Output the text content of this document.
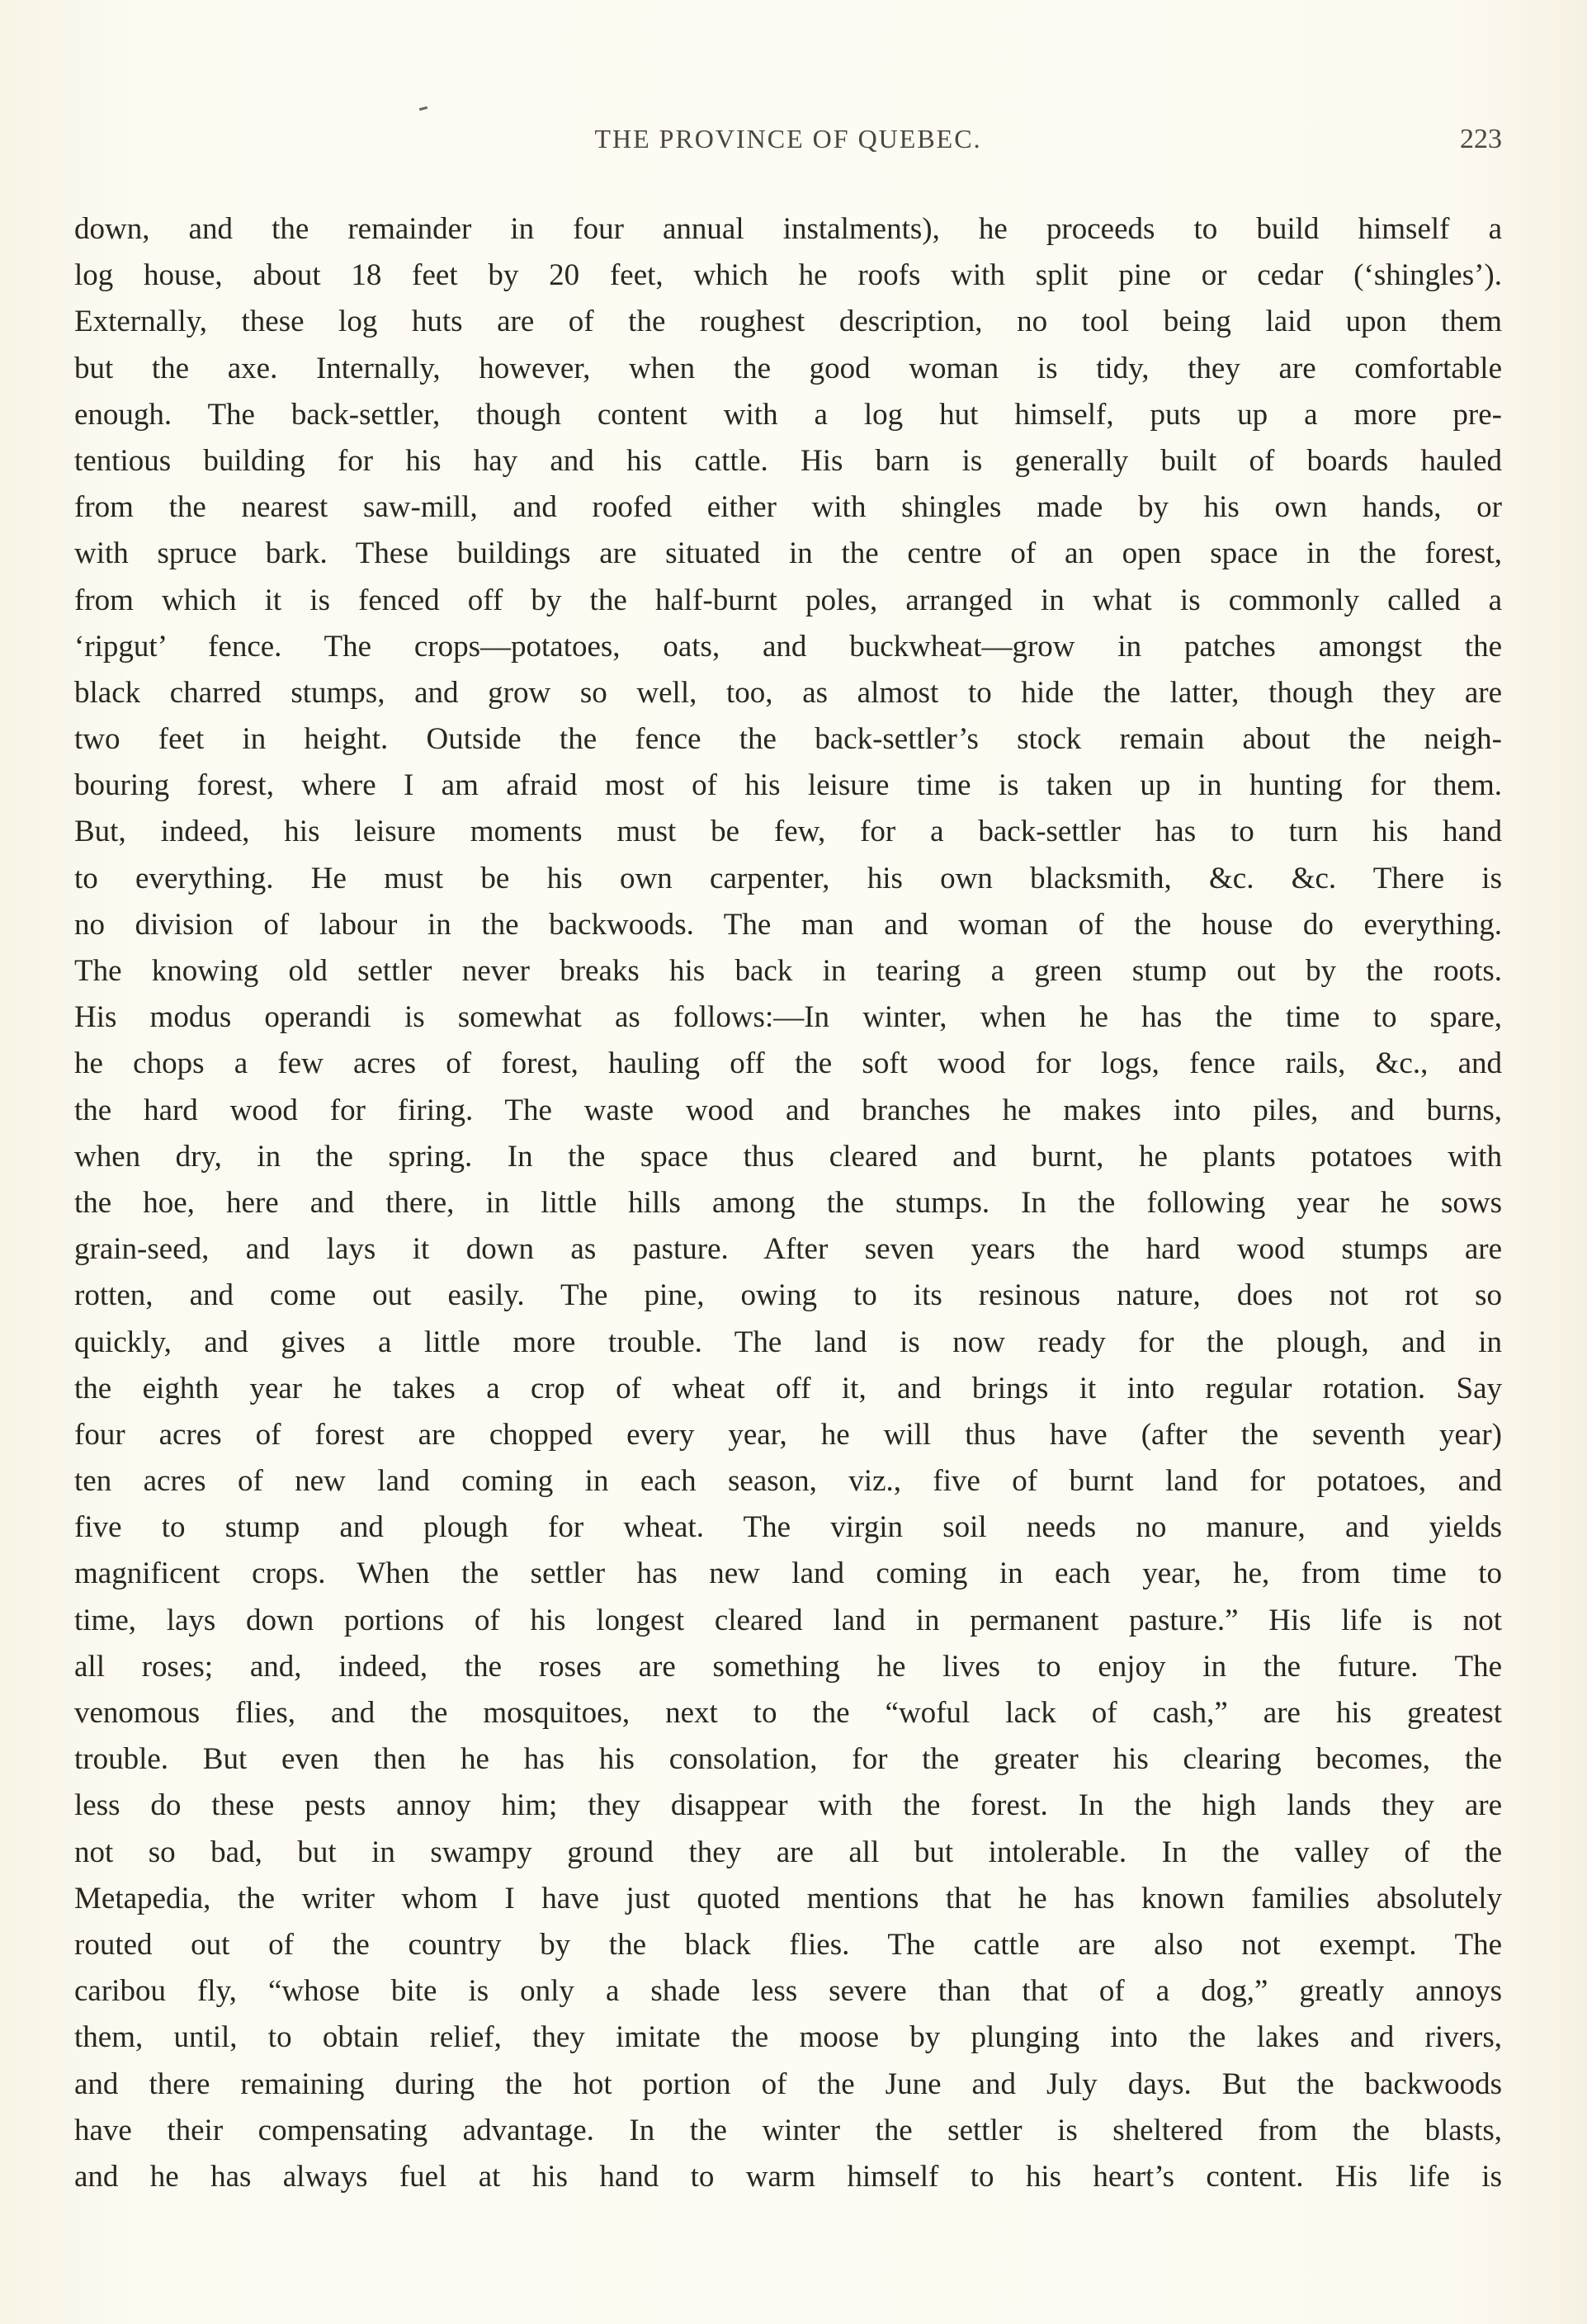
THE PROVINCE OF QUEBEC.	223
down, and the remainder in four annual instalments), he proceeds to build himself a
log house, about 18 feet by 20 feet, which he roofs with split pine or cedar (‘shingles’).
Externally, these log huts are of the roughest description, no tool being laid upon them
but the axe. Internally, however, when the good woman is tidy, they are comfortable
enough. The back-settler, though content with a log hut himself, puts up a more pre-
tentious building for his hay and his cattle. His barn is generally built of boards hauled
from the nearest saw-mill, and roofed either with shingles made by his own hands, or
with spruce bark. These buildings are situated in the centre of an open space in the forest,
from which it is fenced off by the half-burnt poles, arranged in what is commonly called a
‘ripgut’ fence. The crops—potatoes, oats, and buckwheat—grow in patches amongst the
black charred stumps, and grow so well, too, as almost to hide the latter, though they are
two feet in height. Outside the fence the back-settler’s stock remain about the neigh-
bouring forest, where I am afraid most of his leisure time is taken up in hunting for them.
But, indeed, his leisure moments must be few, for a back-settler has to turn his hand
to everything. He must be his own carpenter, his own blacksmith, &c. &c. There is
no division of labour in the backwoods. The man and woman of the house do everything.
The knowing old settler never breaks his back in tearing a green stump out by the roots.
His modus operandi is somewhat as follows:—In winter, when he has the time to spare,
he chops a few acres of forest, hauling off the soft wood for logs, fence rails, &c., and
the hard wood for firing. The waste wood and branches he makes into piles, and burns,
when dry, in the spring. In the space thus cleared and burnt, he plants potatoes with
the hoe, here and there, in little hills among the stumps. In the following year he sows
grain-seed, and lays it down as pasture. After seven years the hard wood stumps are
rotten, and come out easily. The pine, owing to its resinous nature, does not rot so
quickly, and gives a little more trouble. The land is now ready for the plough, and in
the eighth year he takes a crop of wheat off it, and brings it into regular rotation. Say
four acres of forest are chopped every year, he will thus have (after the seventh year)
ten acres of new land coming in each season, viz., five of burnt land for potatoes, and
five to stump and plough for wheat. The virgin soil needs no manure, and yields
magnificent crops. When the settler has new land coming in each year, he, from time to
time, lays down portions of his longest cleared land in permanent pasture.” His life is not
all roses; and, indeed, the roses are something he lives to enjoy in the future. The
venomous flies, and the mosquitoes, next to the “woful lack of cash,” are his greatest
trouble. But even then he has his consolation, for the greater his clearing becomes, the
less do these pests annoy him; they disappear with the forest. In the high lands they are
not so bad, but in swampy ground they are all but intolerable. In the valley of the
Metapedia, the writer whom I have just quoted mentions that he has known families absolutely
routed out of the country by the black flies. The cattle are also not exempt. The
caribou fly, “whose bite is only a shade less severe than that of a dog,” greatly annoys
them, until, to obtain relief, they imitate the moose by plunging into the lakes and rivers,
and there remaining during the hot portion of the June and July days. But the backwoods
have their compensating advantage. In the winter the settler is sheltered from the blasts,
and he has always fuel at his hand to warm himself to his heart’s content. His life is
